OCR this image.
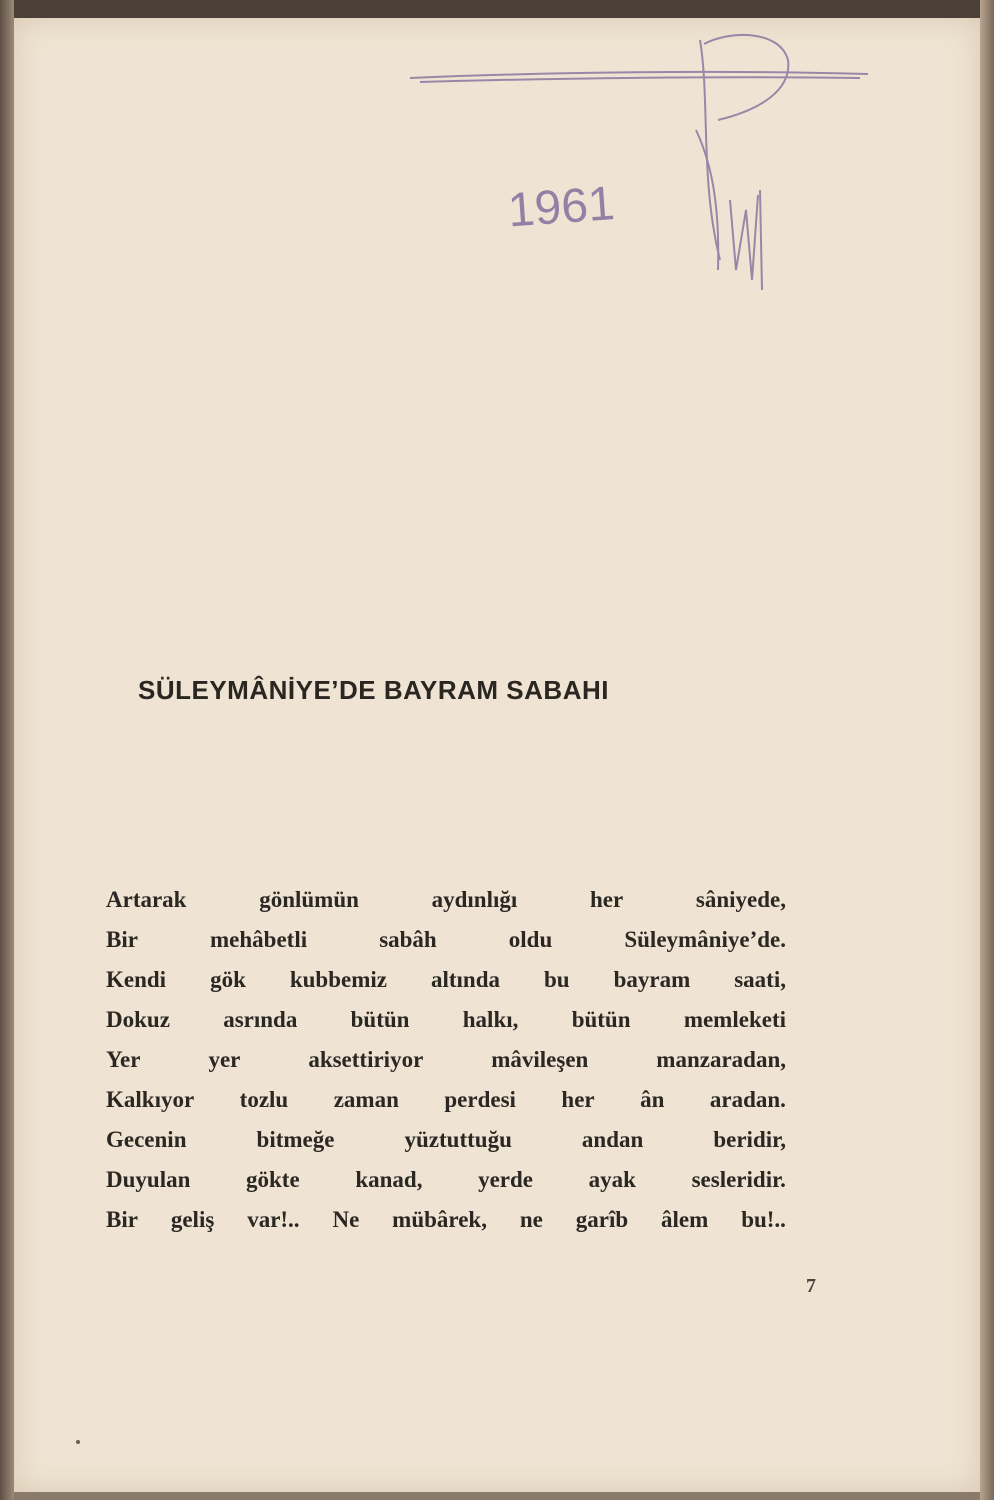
1961
SÜLEYMÂNİYE’DE BAYRAM SABAHI
Artarak	gönlümün	aydınlığı	her	sâniyede,
Bir	mehâbetli	sabâh	oldu	Süleymâniye’de.
Kendi gök kubbemiz altında bu bayram saati,
Dokuz asrında bütün halkı, bütün memleketi
Yer	yer	aksettiriyor	mâvileşen	manzaradan,
Kalkıyor tozlu zaman perdesi her ân aradan.
Gecenin	bitmeğe	yüztuttuğu	andan	beridir,
Duyulan gökte kanad, yerde ayak sesleridir.
Bir geliş var!.. Ne mübârek, ne garîb âlem bu!..
7
